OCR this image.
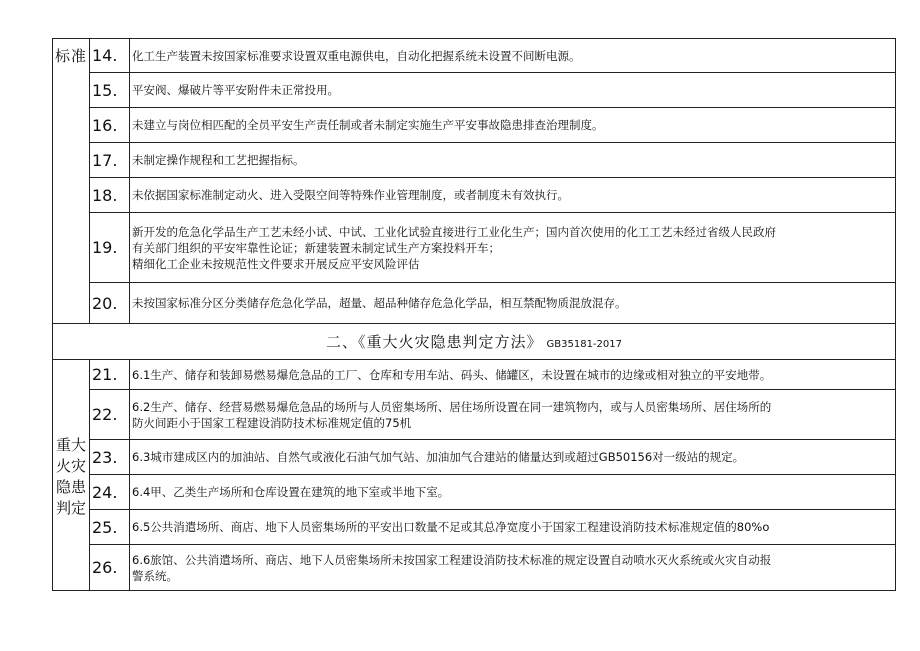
标准	14.	化工生产装置未按国家标准要求设置双重电源供电，自动化把握系统未设置不间断电源。

	15.	平安阀、爆破片等平安附件未正常投用。

	16.	未建立与岗位相匹配的全员平安生产责任制或者未制定实施生产平安事故隐患排查治理制度。

	17.	未制定操作规程和工艺把握指标。

	18.	未依据国家标准制定动火、进入受限空间等特殊作业管理制度，或者制度未有效执行。

	19.	新开发的危急化学品生产工艺未经小试、中试、工业化试验直接进行工业化生产；国内首次使用的化工工艺未经过省级人民政府
有关部门组织的平安牢靠性论证；新建装置未制定试生产方案投料开车；
精细化工企业未按规范性文件要求开展反应平安风险评估

	20.	未按国家标准分区分类储存危急化学品，超量、超品种储存危急化学品，相互禁配物质混放混存。

二、《重大火灾隐患判定方法》 GB35181-2017		

重大
火灾
隐患
判定	21.	6.1生产、储存和装卸易燃易爆危急品的工厂、仓库和专用车站、码头、储罐区，未设置在城市的边缘或相对独立的平安地带。

	22.	6.2生产、储存、经营易燃易爆危急品的场所与人员密集场所、居住场所设置在同一建筑物内，或与人员密集场所、居住场所的
防火间距小于国家工程建设消防技术标准规定值的75机

	23.	6.3城市建成区内的加油站、自然气或液化石油气加气站、加油加气合建站的储量达到或超过GB50156对一级站的规定。

	24.	6.4甲、乙类生产场所和仓库设置在建筑的地下室或半地下室。

	25.	6.5公共消遣场所、商店、地下人员密集场所的平安出口数量不足或其总净宽度小于国家工程建设消防技术标准规定值的80%o

	26.	6.6旅馆、公共消遣场所、商店、地下人员密集场所未按国家工程建设消防技术标准的规定设置自动喷水灭火系统或火灾自动报
警系统。
